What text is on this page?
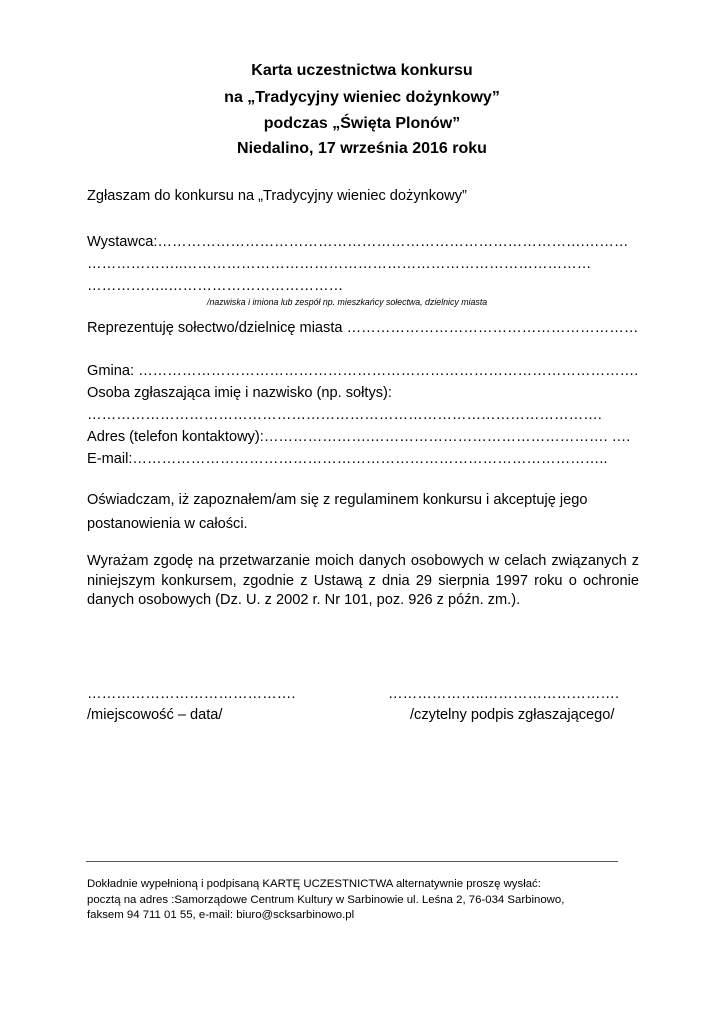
Karta uczestnictwa konkursu
na „Tradycyjny wieniec dożynkowy”
podczas „Święta Plonów”
Niedalino, 17 września 2016 roku
Zgłaszam do konkursu na „Tradycyjny wieniec dożynkowy”
Wystawca:…………………………………………………………………………….………
………………..…………………………………………………………………………
……………..………………………………
/nazwiska i imiona lub zespół np. mieszkańcy sołectwa, dzielnicy miasta
Reprezentuję sołectwo/dzielnicę miasta ……………………………………………………
Gmina: ………………………………………………………………………………………….
Osoba zgłaszająca imię i nazwisko (np. sołtys):
…………………………………………………………………………………………….
Adres (telefon kontaktowy):………………….…………………………………………. ….
E-mail:……………………………………………………………………………………..
Oświadczam, iż zapoznałem/am się z regulaminem konkursu i akceptuję jego
postanowienia w całości.
Wyrażam zgodę na przetwarzanie moich danych osobowych w celach związanych z niniejszym konkursem, zgodnie z Ustawą z dnia 29 sierpnia 1997 roku o ochronie danych osobowych (Dz. U. z 2002 r. Nr 101, poz. 926 z późn. zm.).
…………………………………….
/miejscowość – data/
………………..……………………….
/czytelny podpis zgłaszającego/
Dokładnie wypełnioną i podpisaną KARTĘ UCZESTNICTWA alternatywnie proszę wysłać:
pocztą na adres :Samorządowe Centrum Kultury w Sarbinowie ul. Leśna 2, 76-034 Sarbinowo,
faksem 94 711 01 55, e-mail: biuro@scksarbinowo.pl
